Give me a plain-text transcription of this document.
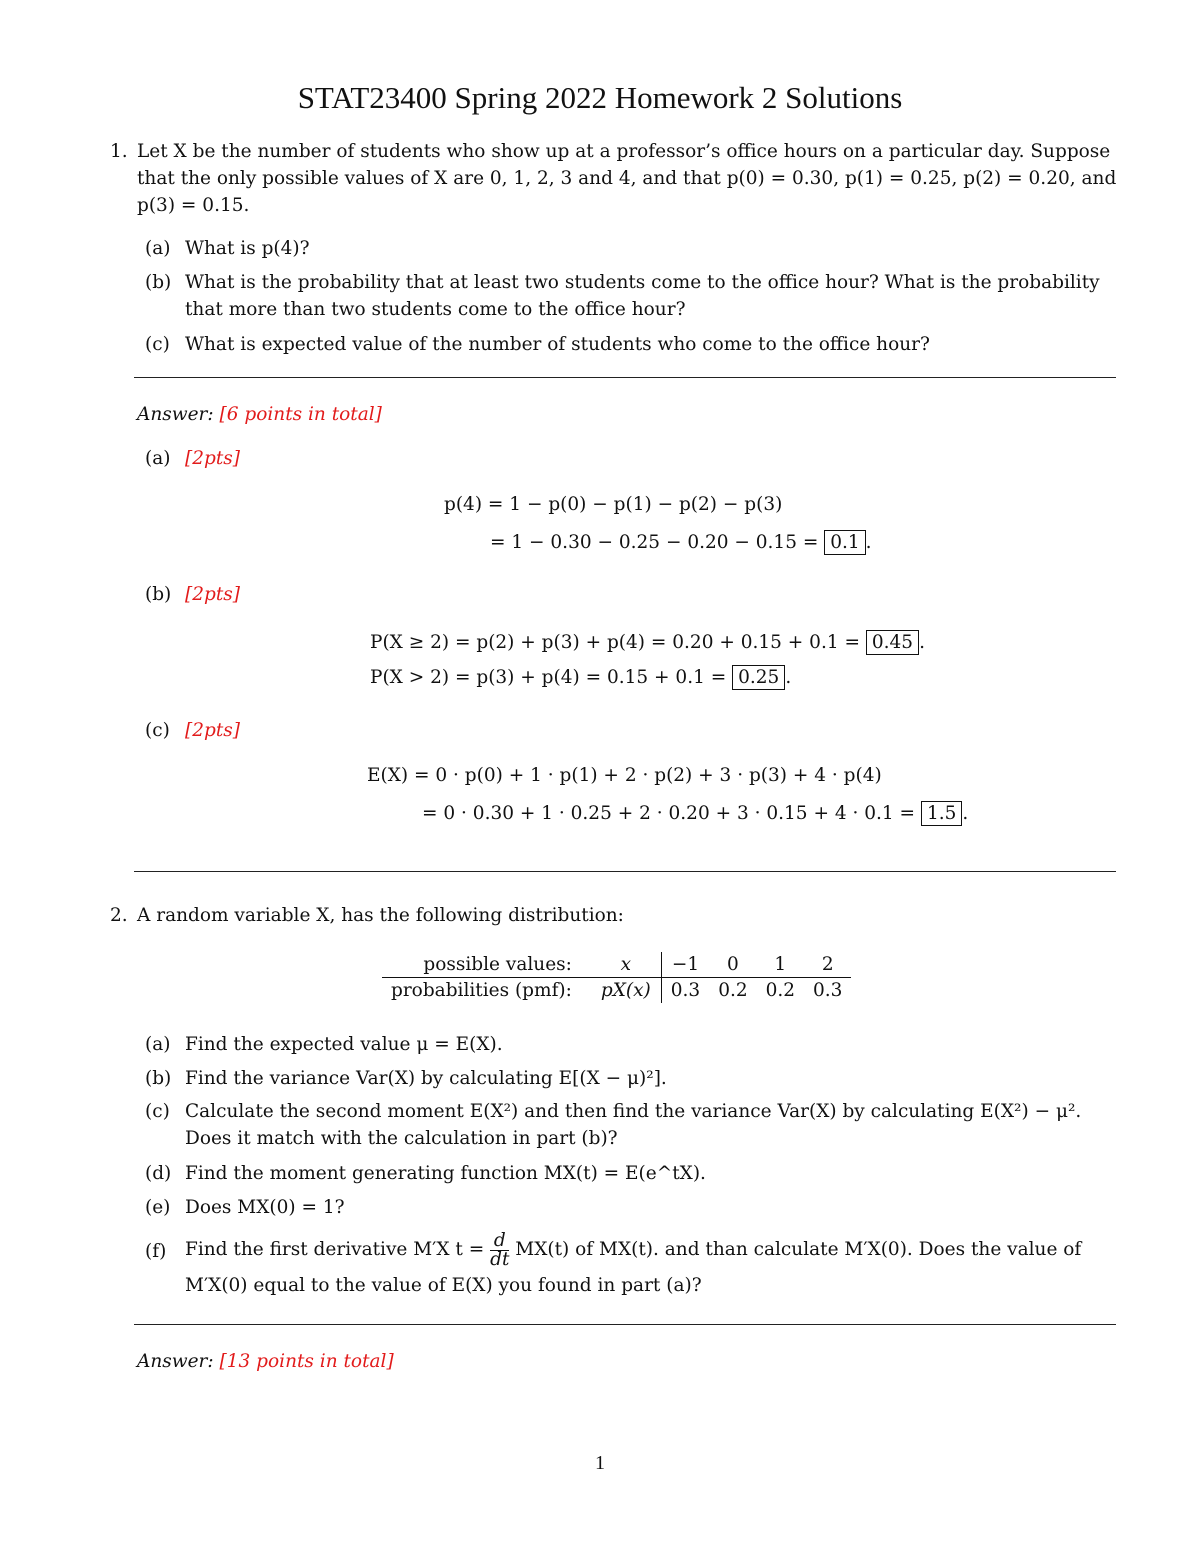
STAT23400 Spring 2022 Homework 2 Solutions
1. Let X be the number of students who show up at a professor’s office hours on a particular day. Suppose
that the only possible values of X are 0, 1, 2, 3 and 4, and that p(0) = 0.30, p(1) = 0.25, p(2) = 0.20, and
p(3) = 0.15.
(a) What is p(4)?
(b) What is the probability that at least two students come to the office hour? What is the probability
that more than two students come to the office hour?
(c) What is expected value of the number of students who come to the office hour?
Answer: [6 points in total]
(a) [2pts]
p(4) = 1 − p(0) − p(1) − p(2) − p(3)
= 1 − 0.30 − 0.25 − 0.20 − 0.15 = 0.1 .
(b) [2pts]
P(X ≥ 2) = p(2) + p(3) + p(4) = 0.20 + 0.15 + 0.1 = 0.45 .
P(X > 2) = p(3) + p(4) = 0.15 + 0.1 = 0.25 .
(c) [2pts]
E(X) = 0 · p(0) + 1 · p(1) + 2 · p(2) + 3 · p(3) + 4 · p(4)
= 0 · 0.30 + 1 · 0.25 + 2 · 0.20 + 3 · 0.15 + 4 · 0.1 = 1.5 .
2. A random variable X, has the following distribution:
possible values:	x	−1	0	1	2
probabilities (pmf):	pX(x)	0.3	0.2	0.2	0.3
(a) Find the expected value μ = E(X).
(b) Find the variance Var(X) by calculating E[(X − μ)²].
(c) Calculate the second moment E(X²) and then find the variance Var(X) by calculating E(X²) − μ².
Does it match with the calculation in part (b)?
(d) Find the moment generating function MX(t) = E(e^tX).
(e) Does MX(0) = 1?
(f) Find the first derivative M′X $t = \frac{d}{dt} MX(t)$ of MX(t). and than calculate M′X(0). Does the value of
M′X(0) equal to the value of E(X) you found in part (a)?
Answer: [13 points in total]
1
